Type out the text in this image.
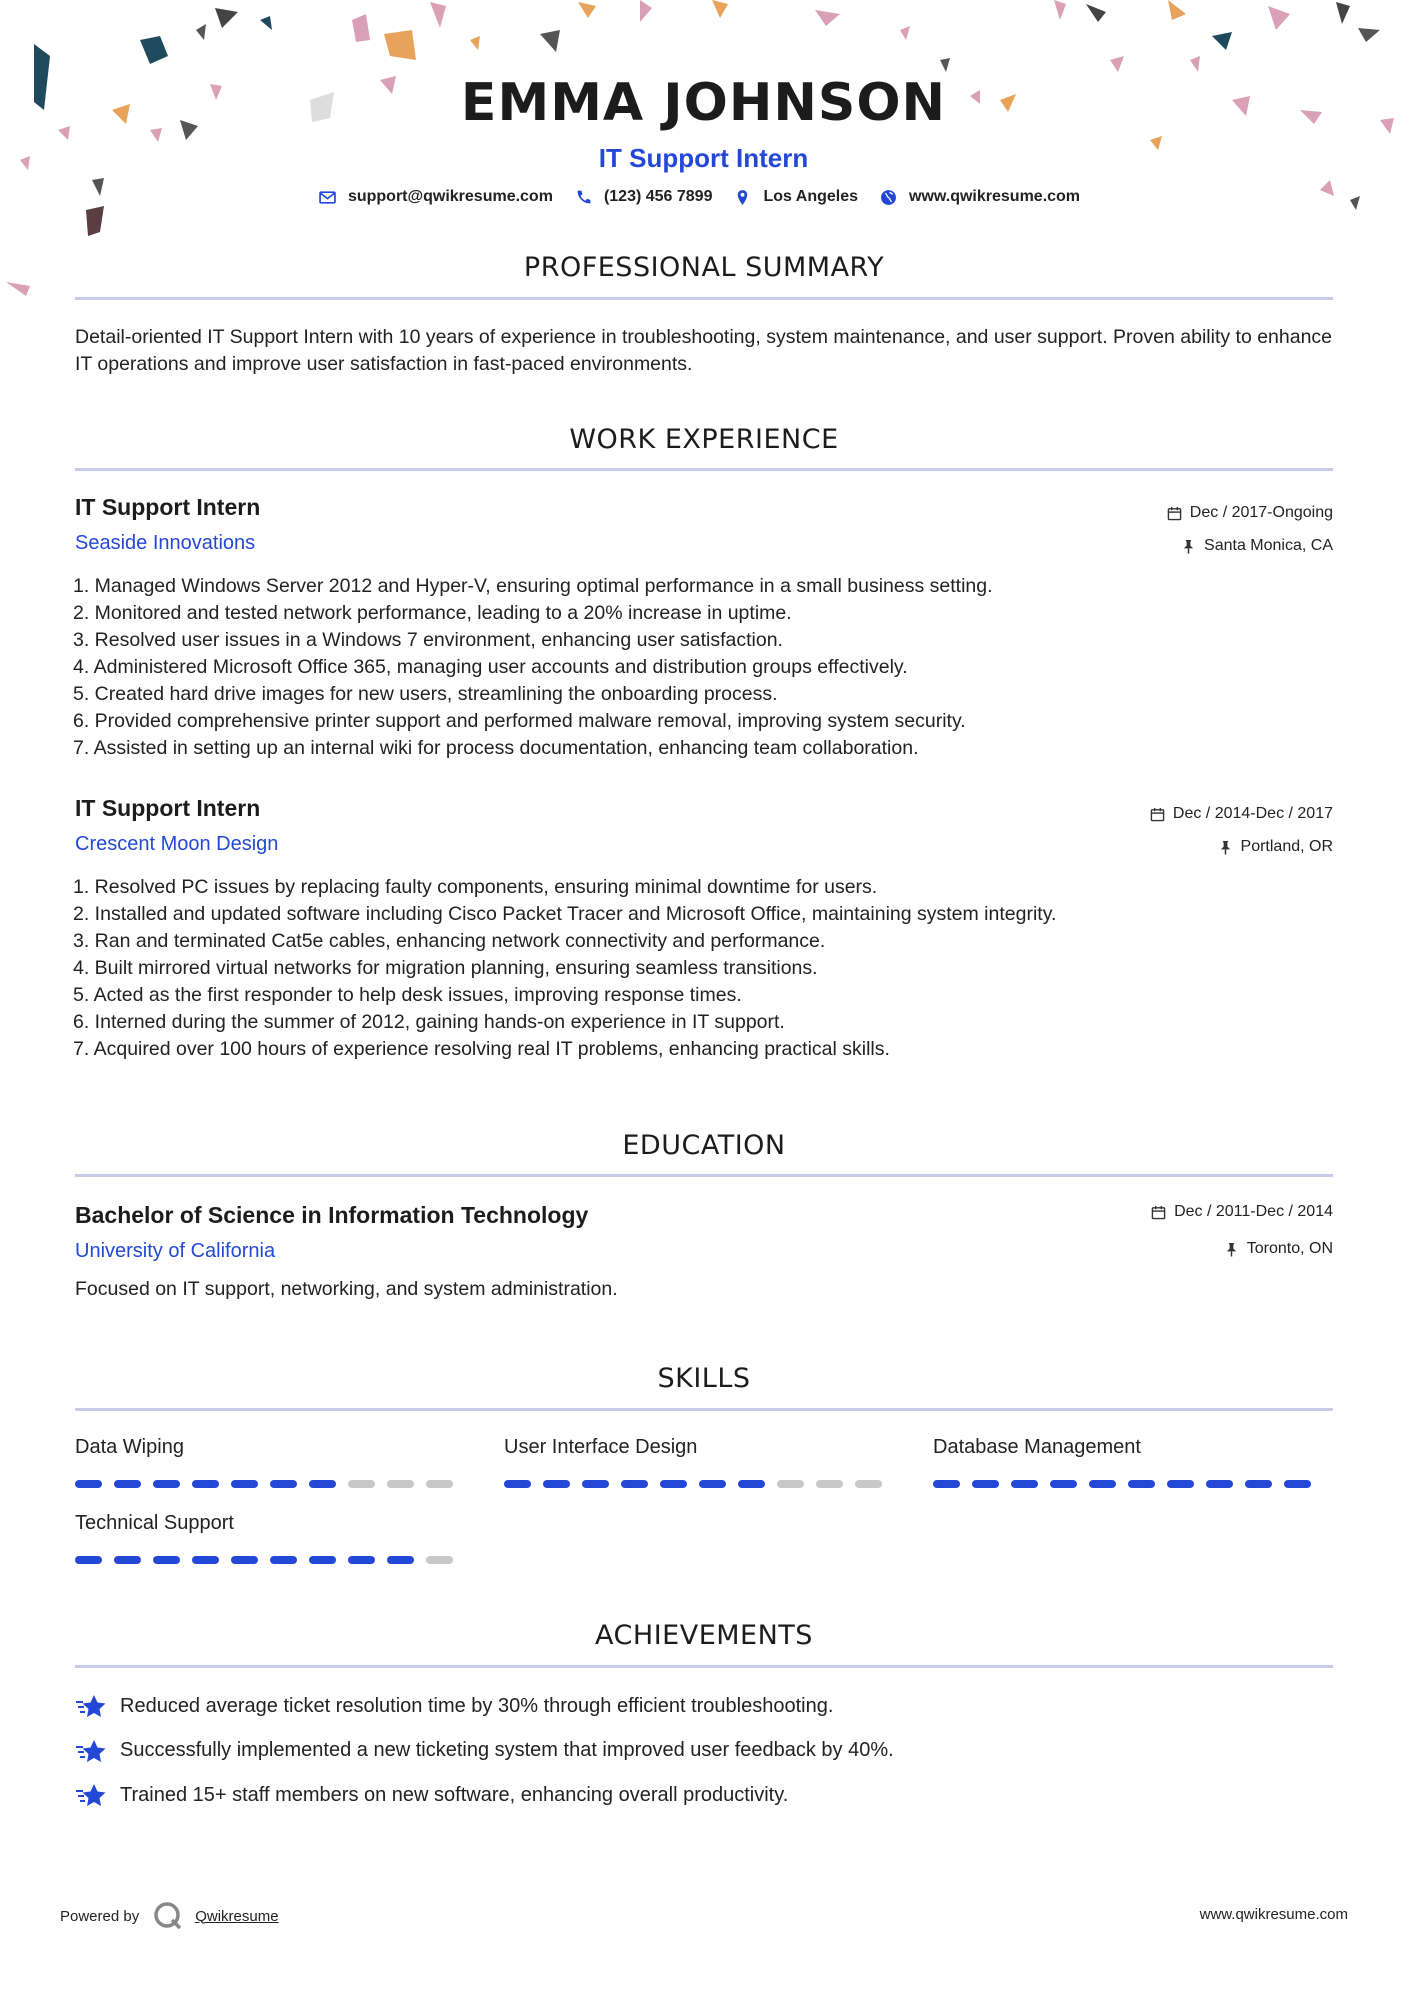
EMMA JOHNSON
IT Support Intern
support@qwikresume.com	(123) 456 7899	Los Angeles	www.qwikresume.com
PROFESSIONAL SUMMARY
Detail-oriented IT Support Intern with 10 years of experience in troubleshooting, system maintenance, and user support. Proven ability to enhance IT operations and improve user satisfaction in fast-paced environments.
WORK EXPERIENCE
IT Support Intern
Seaside Innovations
Dec / 2017-Ongoing
Santa Monica, CA
1. Managed Windows Server 2012 and Hyper-V, ensuring optimal performance in a small business setting.
2. Monitored and tested network performance, leading to a 20% increase in uptime.
3. Resolved user issues in a Windows 7 environment, enhancing user satisfaction.
4. Administered Microsoft Office 365, managing user accounts and distribution groups effectively.
5. Created hard drive images for new users, streamlining the onboarding process.
6. Provided comprehensive printer support and performed malware removal, improving system security.
7. Assisted in setting up an internal wiki for process documentation, enhancing team collaboration.
IT Support Intern
Crescent Moon Design
Dec / 2014-Dec / 2017
Portland, OR
1. Resolved PC issues by replacing faulty components, ensuring minimal downtime for users.
2. Installed and updated software including Cisco Packet Tracer and Microsoft Office, maintaining system integrity.
3. Ran and terminated Cat5e cables, enhancing network connectivity and performance.
4. Built mirrored virtual networks for migration planning, ensuring seamless transitions.
5. Acted as the first responder to help desk issues, improving response times.
6. Interned during the summer of 2012, gaining hands-on experience in IT support.
7. Acquired over 100 hours of experience resolving real IT problems, enhancing practical skills.
EDUCATION
Bachelor of Science in Information Technology
University of California
Dec / 2011-Dec / 2014
Toronto, ON
Focused on IT support, networking, and system administration.
SKILLS
Data Wiping	User Interface Design	Database Management
Technical Support
ACHIEVEMENTS
Reduced average ticket resolution time by 30% through efficient troubleshooting.
Successfully implemented a new ticketing system that improved user feedback by 40%.
Trained 15+ staff members on new software, enhancing overall productivity.
Powered by	Qwikresume	www.qwikresume.com
